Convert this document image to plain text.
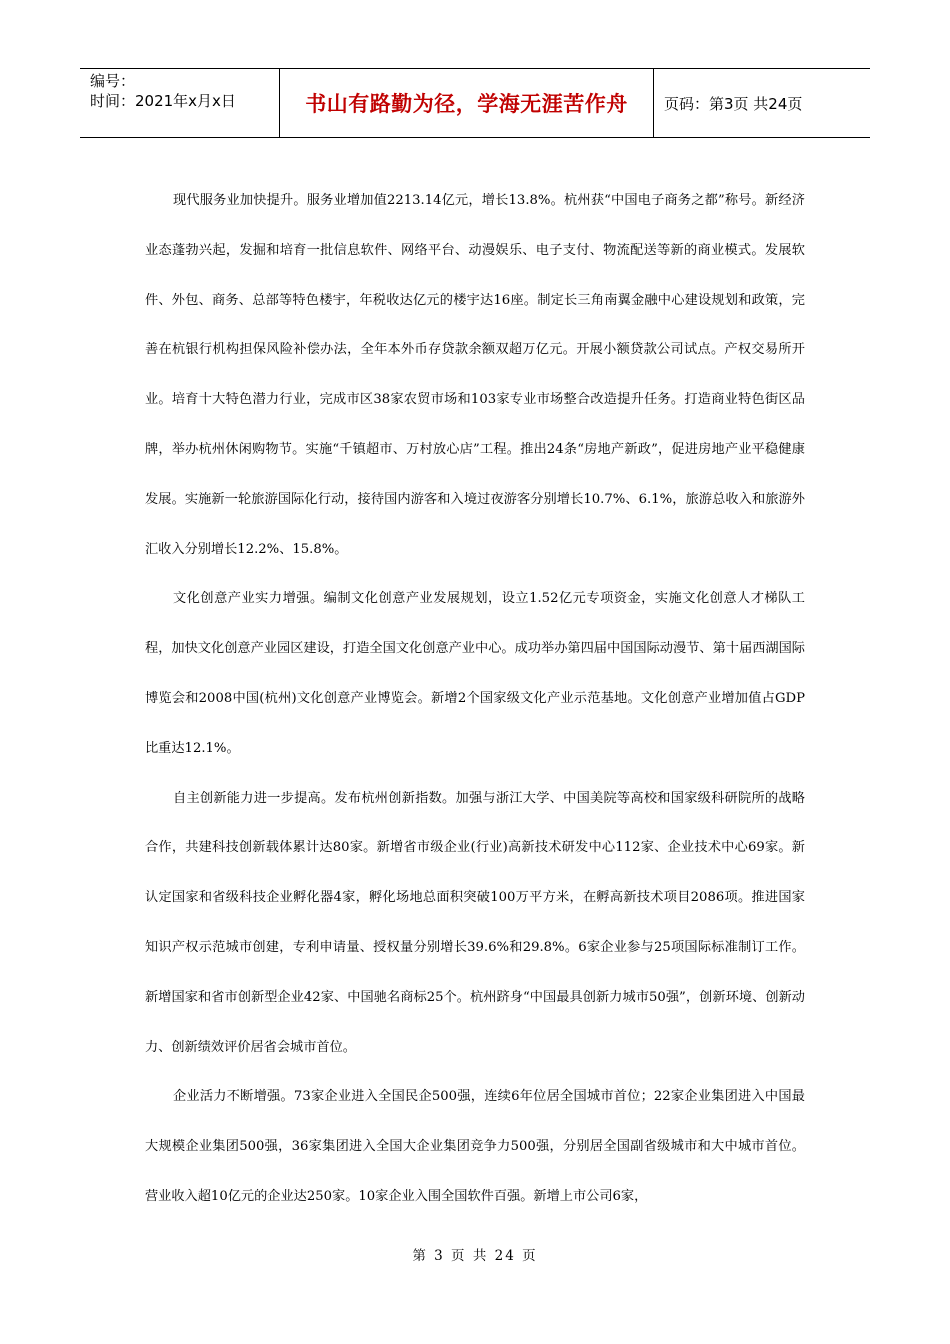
编号：
时间：2021年x月x日	书山有路勤为径，学海无涯苦作舟	页码：第3页 共24页

现代服务业加快提升。服务业增加值2213.14亿元，增长13.8%。杭州获“中国电子商务之都”称号。新经济业态蓬勃兴起，发掘和培育一批信息软件、网络平台、动漫娱乐、电子支付、物流配送等新的商业模式。发展软件、外包、商务、总部等特色楼宇，年税收达亿元的楼宇达16座。制定长三角南翼金融中心建设规划和政策，完善在杭银行机构担保风险补偿办法，全年本外币存贷款余额双超万亿元。开展小额贷款公司试点。产权交易所开业。培育十大特色潜力行业，完成市区38家农贸市场和103家专业市场整合改造提升任务。打造商业特色街区品牌，举办杭州休闲购物节。实施“千镇超市、万村放心店”工程。推出24条“房地产新政”，促进房地产业平稳健康发展。实施新一轮旅游国际化行动，接待国内游客和入境过夜游客分别增长10.7%、6.1%，旅游总收入和旅游外汇收入分别增长12.2%、15.8%。

文化创意产业实力增强。编制文化创意产业发展规划，设立1.52亿元专项资金，实施文化创意人才梯队工程，加快文化创意产业园区建设，打造全国文化创意产业中心。成功举办第四届中国国际动漫节、第十届西湖国际博览会和2008中国(杭州)文化创意产业博览会。新增2个国家级文化产业示范基地。文化创意产业增加值占GDP比重达12.1%。

自主创新能力进一步提高。发布杭州创新指数。加强与浙江大学、中国美院等高校和国家级科研院所的战略合作，共建科技创新载体累计达80家。新增省市级企业(行业)高新技术研发中心112家、企业技术中心69家。新认定国家和省级科技企业孵化器4家，孵化场地总面积突破100万平方米，在孵高新技术项目2086项。推进国家知识产权示范城市创建，专利申请量、授权量分别增长39.6%和29.8%。6家企业参与25项国际标准制订工作。新增国家和省市创新型企业42家、中国驰名商标25个。杭州跻身“中国最具创新力城市50强”，创新环境、创新动力、创新绩效评价居省会城市首位。

企业活力不断增强。73家企业进入全国民企500强，连续6年位居全国城市首位；22家企业集团进入中国最大规模企业集团500强，36家集团进入全国大企业集团竞争力500强，分别居全国副省级城市和大中城市首位。营业收入超10亿元的企业达250家。10家企业入围全国软件百强。新增上市公司6家，

第 3 页 共 24 页
